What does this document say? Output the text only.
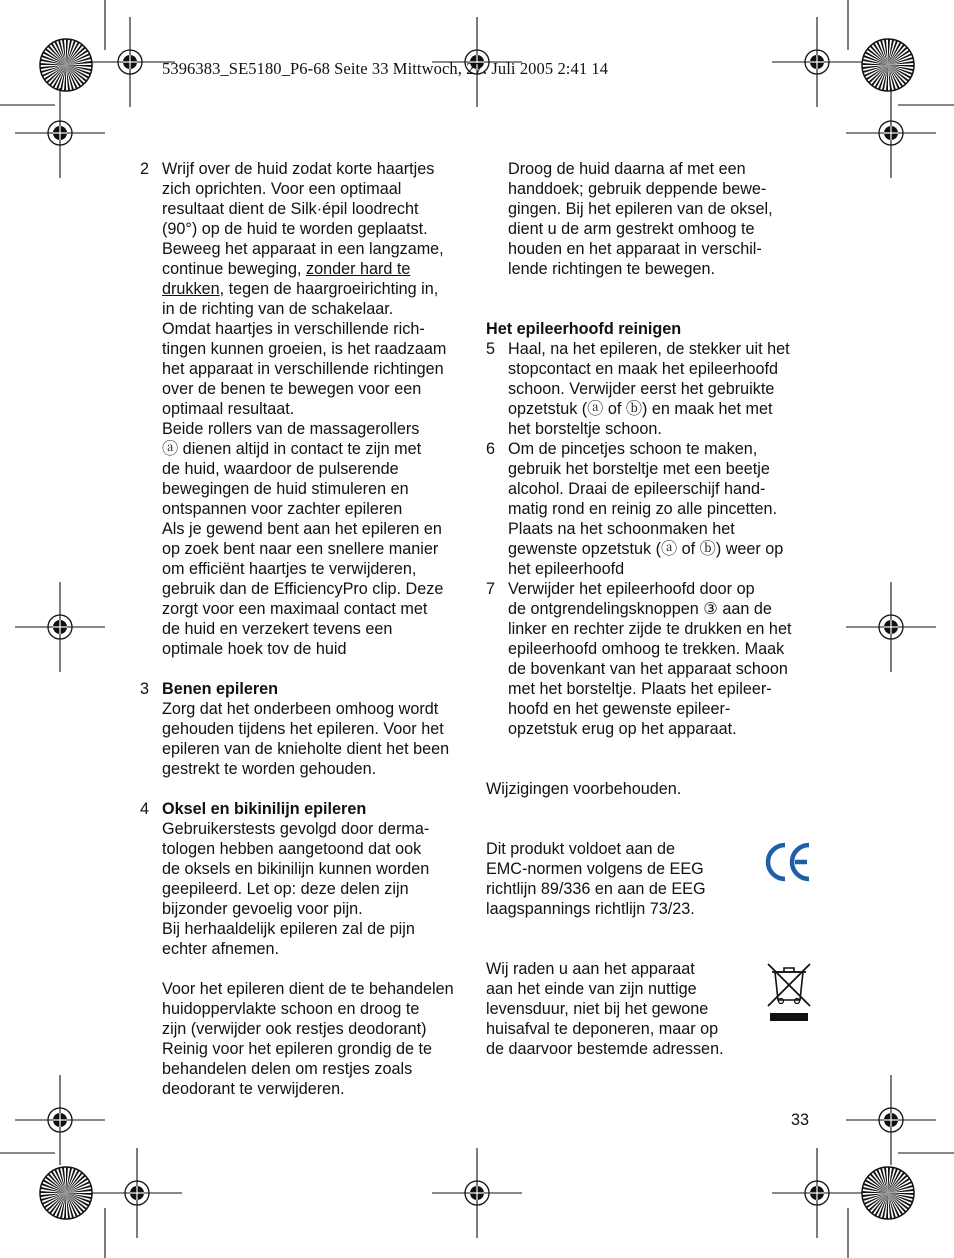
5396383_SE5180_P6-68 Seite 33 Mittwoch, 27. Juli 2005 2:41 14
2 Wrijf over de huid zodat korte haartjes
zich oprichten. Voor een optimaal
resultaat dient de Silk·épil loodrecht
(90°) op de huid te worden geplaatst.
Beweeg het apparaat in een langzame,
continue beweging, zonder hard te
drukken, tegen de haargroeirichting in,
in de richting van de schakelaar.
Omdat haartjes in verschillende rich-
tingen kunnen groeien, is het raadzaam
het apparaat in verschillende richtingen
over de benen te bewegen voor een
optimaal resultaat.
Beide rollers van de massagerollers
ⓐ dienen altijd in contact te zijn met
de huid, waardoor de pulserende
bewegingen de huid stimuleren en
ontspannen voor zachter epileren
Als je gewend bent aan het epileren en
op zoek bent naar een snellere manier
om efficiënt haartjes te verwijderen,
gebruik dan de EfficiencyPro clip. Deze
zorgt voor een maximaal contact met
de huid en verzekert tevens een
optimale hoek tov de huid
3 Benen epileren
Zorg dat het onderbeen omhoog wordt
gehouden tijdens het epileren. Voor het
epileren van de knieholte dient het been
gestrekt te worden gehouden.
4 Oksel en bikinilijn epileren
Gebruikerstests gevolgd door derma-
tologen hebben aangetoond dat ook
de oksels en bikinilijn kunnen worden
geepileerd. Let op: deze delen zijn
bijzonder gevoelig voor pijn.
Bij herhaaldelijk epileren zal de pijn
echter afnemen.
Voor het epileren dient de te behandelen
huidoppervlakte schoon en droog te
zijn (verwijder ook restjes deodorant)
Reinig voor het epileren grondig de te
behandelen delen om restjes zoals
deodorant te verwijderen.
Droog de huid daarna af met een
handdoek; gebruik deppende bewe-
gingen. Bij het epileren van de oksel,
dient u de arm gestrekt omhoog te
houden en het apparaat in verschil-
lende richtingen te bewegen.
Het epileerhoofd reinigen
5 Haal, na het epileren, de stekker uit het
stopcontact en maak het epileerhoofd
schoon. Verwijder eerst het gebruikte
opzetstuk (ⓐ of ⓑ) en maak het met
het borsteltje schoon.
6 Om de pincetjes schoon te maken,
gebruik het borsteltje met een beetje
alcohol. Draai de epileerschijf hand-
matig rond en reinig zo alle pincetten.
Plaats na het schoonmaken het
gewenste opzetstuk (ⓐ of ⓑ) weer op
het epileerhoofd
7 Verwijder het epileerhoofd door op
de ontgrendelingsknoppen ③ aan de
linker en rechter zijde te drukken en het
epileerhoofd omhoog te trekken. Maak
de bovenkant van het apparaat schoon
met het borsteltje. Plaats het epileer-
hoofd en het gewenste epileer-
opzetstuk erug op het apparaat.
Wijzigingen voorbehouden.
Dit produkt voldoet aan de
EMC-normen volgens de EEG
richtlijn 89/336 en aan de EEG
laagspannings richtlijn 73/23.
Wij raden u aan het apparaat
aan het einde van zijn nuttige
levensduur, niet bij het gewone
huisafval te deponeren, maar op
de daarvoor bestemde adressen.
33
